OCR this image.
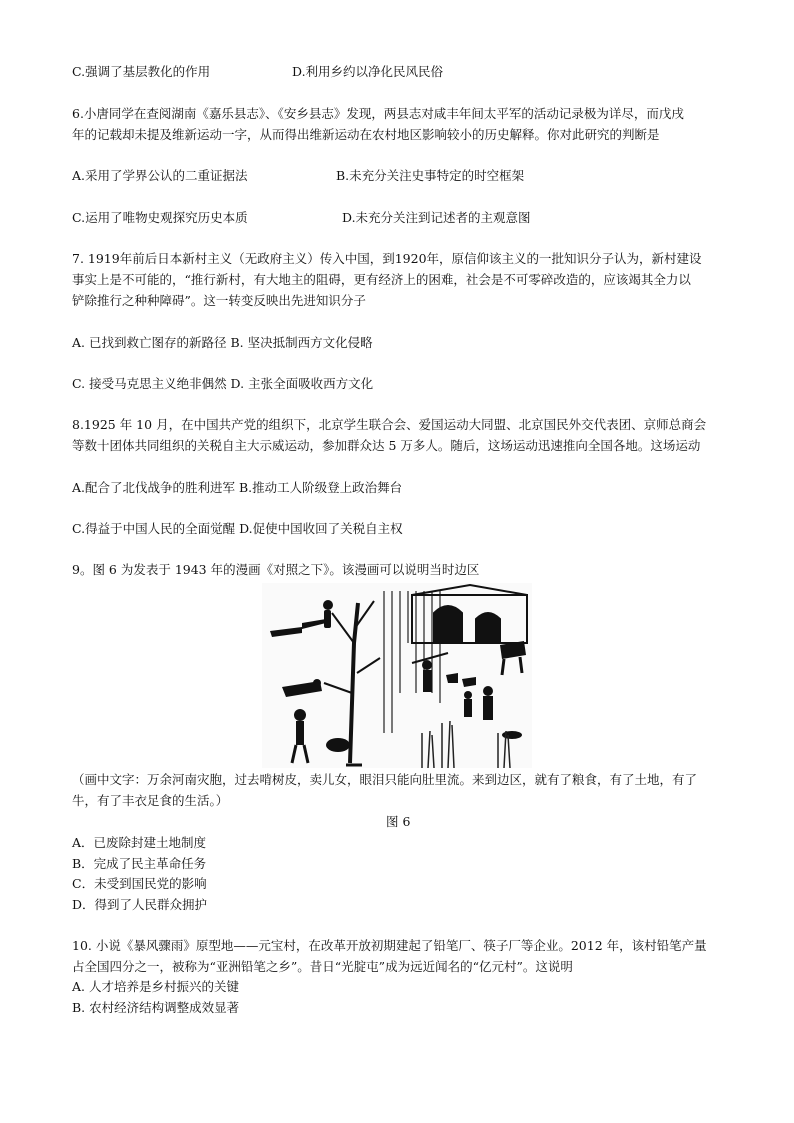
C.强调了基层教化的作用	D.利用乡约以净化民风民俗
6.小唐同学在查阅湖南《嘉乐县志》、《安乡县志》发现，两县志对咸丰年间太平军的活动记录极为详尽，而戊戌
年的记载却未提及维新运动一字，从而得出维新运动在农村地区影响较小的历史解释。你对此研究的判断是
A.采用了学界公认的二重证据法	B.未充分关注史事特定的时空框架
C.运用了唯物史观探究历史本质	D.未充分关注到记述者的主观意图
7. 1919年前后日本新村主义（无政府主义）传入中国，到1920年，原信仰该主义的一批知识分子认为，新村建设
事实上是不可能的，“推行新村，有大地主的阻碍，更有经济上的困难，社会是不可零碎改造的，应该竭其全力以
铲除推行之种种障碍”。这一转变反映出先进知识分子
A. 已找到救亡图存的新路径 B. 坚决抵制西方文化侵略
C. 接受马克思主义绝非偶然 D. 主张全面吸收西方文化
8.1925 年 10 月，在中国共产党的组织下，北京学生联合会、爱国运动大同盟、北京国民外交代表团、京师总商会
等数十团体共同组织的关税自主大示威运动，参加群众达 5 万多人。随后，这场运动迅速推向全国各地。这场运动
A.配合了北伐战争的胜利进军 B.推动工人阶级登上政治舞台
C.得益于中国人民的全面觉醒 D.促使中国收回了关税自主权
9。图 6 为发表于 1943 年的漫画《对照之下》。该漫画可以说明当时边区
（画中文字：万余河南灾胞，过去啃树皮，卖儿女，眼泪只能向肚里流。来到边区，就有了粮食，有了土地，有了
牛，有了丰衣足食的生活。）
图 6
A．已废除封建土地制度
B．完成了民主革命任务
C．未受到国民党的影响
D．得到了人民群众拥护
10. 小说《暴风骤雨》原型地——元宝村，在改革开放初期建起了铅笔厂、筷子厂等企业。2012 年，该村铅笔产量
占全国四分之一，被称为“亚洲铅笔之乡”。昔日“光腚屯”成为远近闻名的“亿元村”。这说明
A. 人才培养是乡村振兴的关键
B. 农村经济结构调整成效显著
